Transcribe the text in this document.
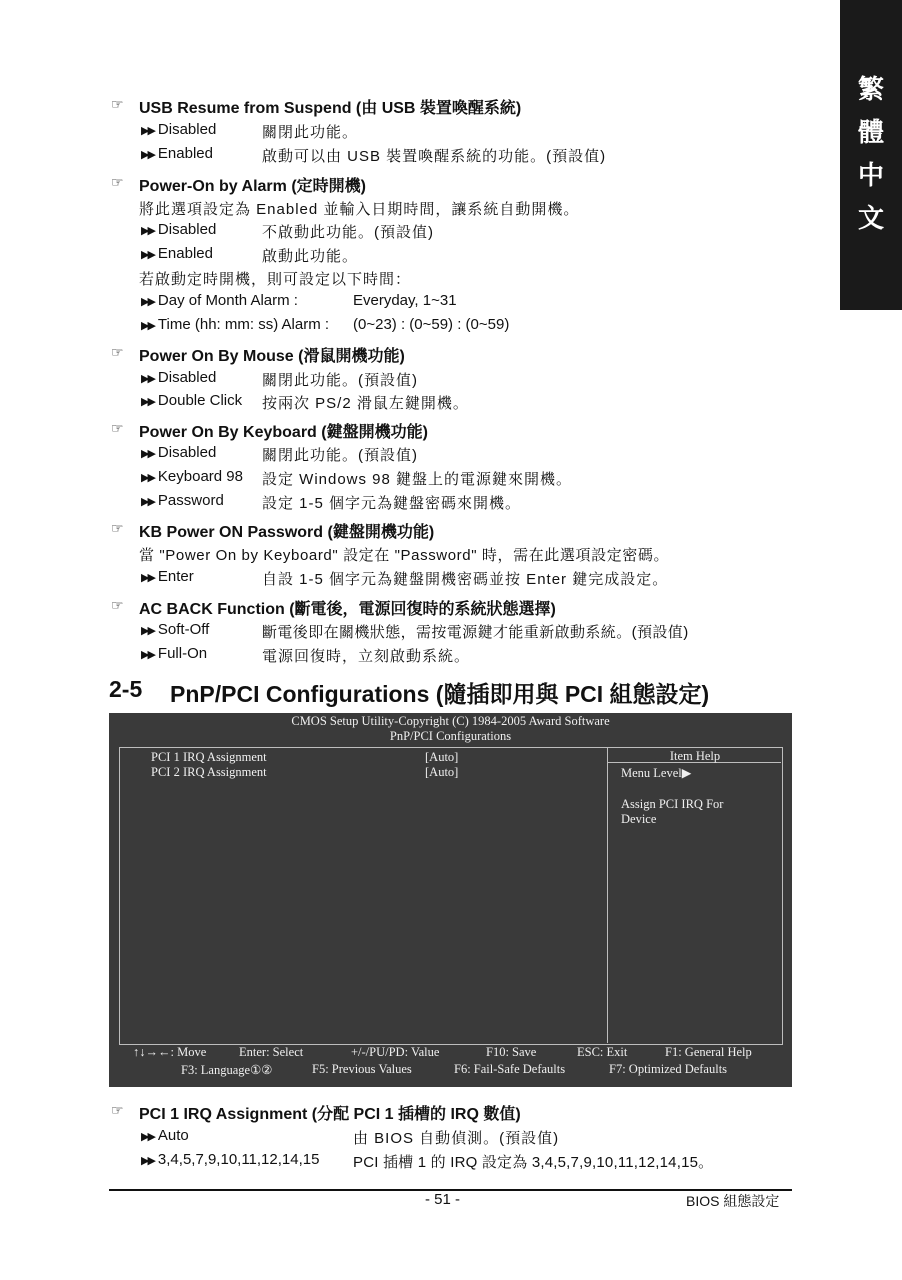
繁
體
中
文
☞ USB Resume from Suspend (由 USB 裝置喚醒系統)
▶▶ Disabled	關閉此功能。
▶▶ Enabled	啟動可以由 USB 裝置喚醒系統的功能。(預設值)
☞ Power-On by Alarm (定時開機)
將此選項設定為 Enabled 並輸入日期時間，讓系統自動開機。
▶▶ Disabled	不啟動此功能。(預設值)
▶▶ Enabled	啟動此功能。
若啟動定時開機，則可設定以下時間：
▶▶ Day of Month Alarm :	Everyday, 1~31
▶▶ Time (hh: mm: ss) Alarm : (0~23) : (0~59) : (0~59)
☞ Power On By Mouse (滑鼠開機功能)
▶▶ Disabled	關閉此功能。(預設值)
▶▶ Double Click 按兩次 PS/2 滑鼠左鍵開機。
☞ Power On By Keyboard (鍵盤開機功能)
▶▶ Disabled	關閉此功能。(預設值)
▶▶ Keyboard 98 設定 Windows 98 鍵盤上的電源鍵來開機。
▶▶ Password	設定 1-5 個字元為鍵盤密碼來開機。
☞ KB Power ON Password (鍵盤開機功能)
當 "Power On by Keyboard" 設定在 "Password" 時，需在此選項設定密碼。
▶▶ Enter	自設 1-5 個字元為鍵盤開機密碼並按 Enter 鍵完成設定。
☞ AC BACK Function (斷電後，電源回復時的系統狀態選擇)
▶▶ Soft-Off	斷電後即在關機狀態，需按電源鍵才能重新啟動系統。(預設值)
▶▶ Full-On	電源回復時，立刻啟動系統。
2-5 PnP/PCI Configurations (隨插即用與 PCI 組態設定)
CMOS Setup Utility-Copyright (C) 1984-2005 Award Software
PnP/PCI Configurations
PCI 1 IRQ Assignment	[Auto]
PCI 2 IRQ Assignment	[Auto]
Item Help
Menu Level▶
Assign PCI IRQ For
Device
↑↓→←: Move	Enter: Select	+/-/PU/PD: Value	F10: Save	ESC: Exit	F1: General Help
F3: Language①②	F5: Previous Values	F6: Fail-Safe Defaults	F7: Optimized Defaults
☞ PCI 1 IRQ Assignment (分配 PCI 1 插槽的 IRQ 數值)
▶▶ Auto	由 BIOS 自動偵測。(預設值)
▶▶ 3,4,5,7,9,10,11,12,14,15 PCI 插槽 1 的 IRQ 設定為 3,4,5,7,9,10,11,12,14,15。
- 51 -	BIOS 組態設定
